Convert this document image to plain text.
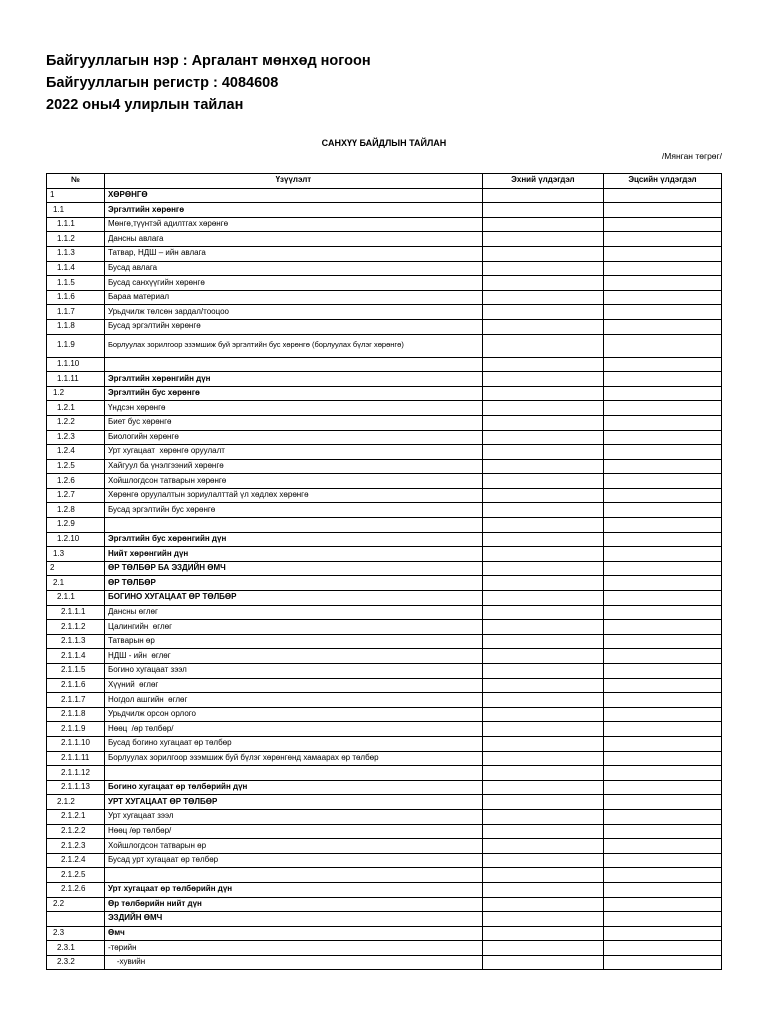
Байгууллагын нэр : Аргалант мөнхөд ногоон
Байгууллагын регистр : 4084608
2022 оны4 улирлын тайлан
САНХҮҮ БАЙДЛЫН ТАЙЛАН
/Мянган төгрөг/
№	Үзүүлэлт	Эхний үлдэгдэл	Эцсийн үлдэгдэл
1	ХӨРӨНГӨ		
1.1	Эргэлтийн хөрөнгө		
1.1.1	Мөнгө,түүнтэй адилтгах хөрөнгө		
1.1.2	Дансны авлага		
1.1.3	Татвар, НДШ – ийн авлага		
1.1.4	Бусад авлага		
1.1.5	Бусад санхүүгийн хөрөнгө		
1.1.6	Бараа материал		
1.1.7	Урьдчилж төлсөн зардал/тооцоо		
1.1.8	Бусад эргэлтийн хөрөнгө		
1.1.9	Борлуулах зорилгоор эзэмшиж буй эргэлтийн бус хөрөнгө (борлуулах бүлэг хөрөнгө)		
1.1.10			
1.1.11	Эргэлтийн хөрөнгийн дүн		
1.2	Эргэлтийн бус хөрөнгө		
1.2.1	Үндсэн хөрөнгө		
1.2.2	Биет бус хөрөнгө		
1.2.3	Биологийн хөрөнгө		
1.2.4	Урт хугацаат  хөрөнгө оруулалт		
1.2.5	Хайгуул ба үнэлгээний хөрөнгө		
1.2.6	Хойшлогдсон татварын хөрөнгө		
1.2.7	Хөрөнгө оруулалтын зориулалттай үл хөдлөх хөрөнгө		
1.2.8	Бусад эргэлтийн бус хөрөнгө		
1.2.9			
1.2.10	Эргэлтийн бус хөрөнгийн дүн		
1.3	Нийт хөрөнгийн дүн		
2	ӨР ТӨЛБӨР БА ЭЗДИЙН ӨМЧ		
2.1	ӨР ТӨЛБӨР		
2.1.1	БОГИНО ХУГАЦААТ ӨР ТӨЛБӨР		
2.1.1.1	Дансны өглөг		
2.1.1.2	Цалингийн  өглөг		
2.1.1.3	Татварын өр		
2.1.1.4	НДШ - ийн  өглөг		
2.1.1.5	Богино хугацаат зээл		
2.1.1.6	Хүүний  өглөг		
2.1.1.7	Ногдол ашгийн  өглөг		
2.1.1.8	Урьдчилж орсон орлого		
2.1.1.9	Нөөц  /өр төлбөр/		
2.1.1.10	Бусад богино хугацаат өр төлбөр		
2.1.1.11	Борлуулах зорилгоор эзэмшиж буй бүлэг хөрөнгөнд хамаарах өр төлбөр		
2.1.1.12			
2.1.1.13	Богино хугацаат өр төлбөрийн дүн		
2.1.2	УРТ ХУГАЦААТ ӨР ТӨЛБӨР		
2.1.2.1	Урт хугацаат зээл		
2.1.2.2	Нөөц /өр төлбөр/		
2.1.2.3	Хойшлогдсон татварын өр		
2.1.2.4	Бусад урт хугацаат өр төлбөр		
2.1.2.5			
2.1.2.6	Урт хугацаат өр төлбөрийн дүн		
2.2	Өр төлбөрийн нийт дүн		
	ЭЗДИЙН ӨМЧ		
2.3	Өмч		
2.3.1	-төрийн		
2.3.2	-хувийн		
